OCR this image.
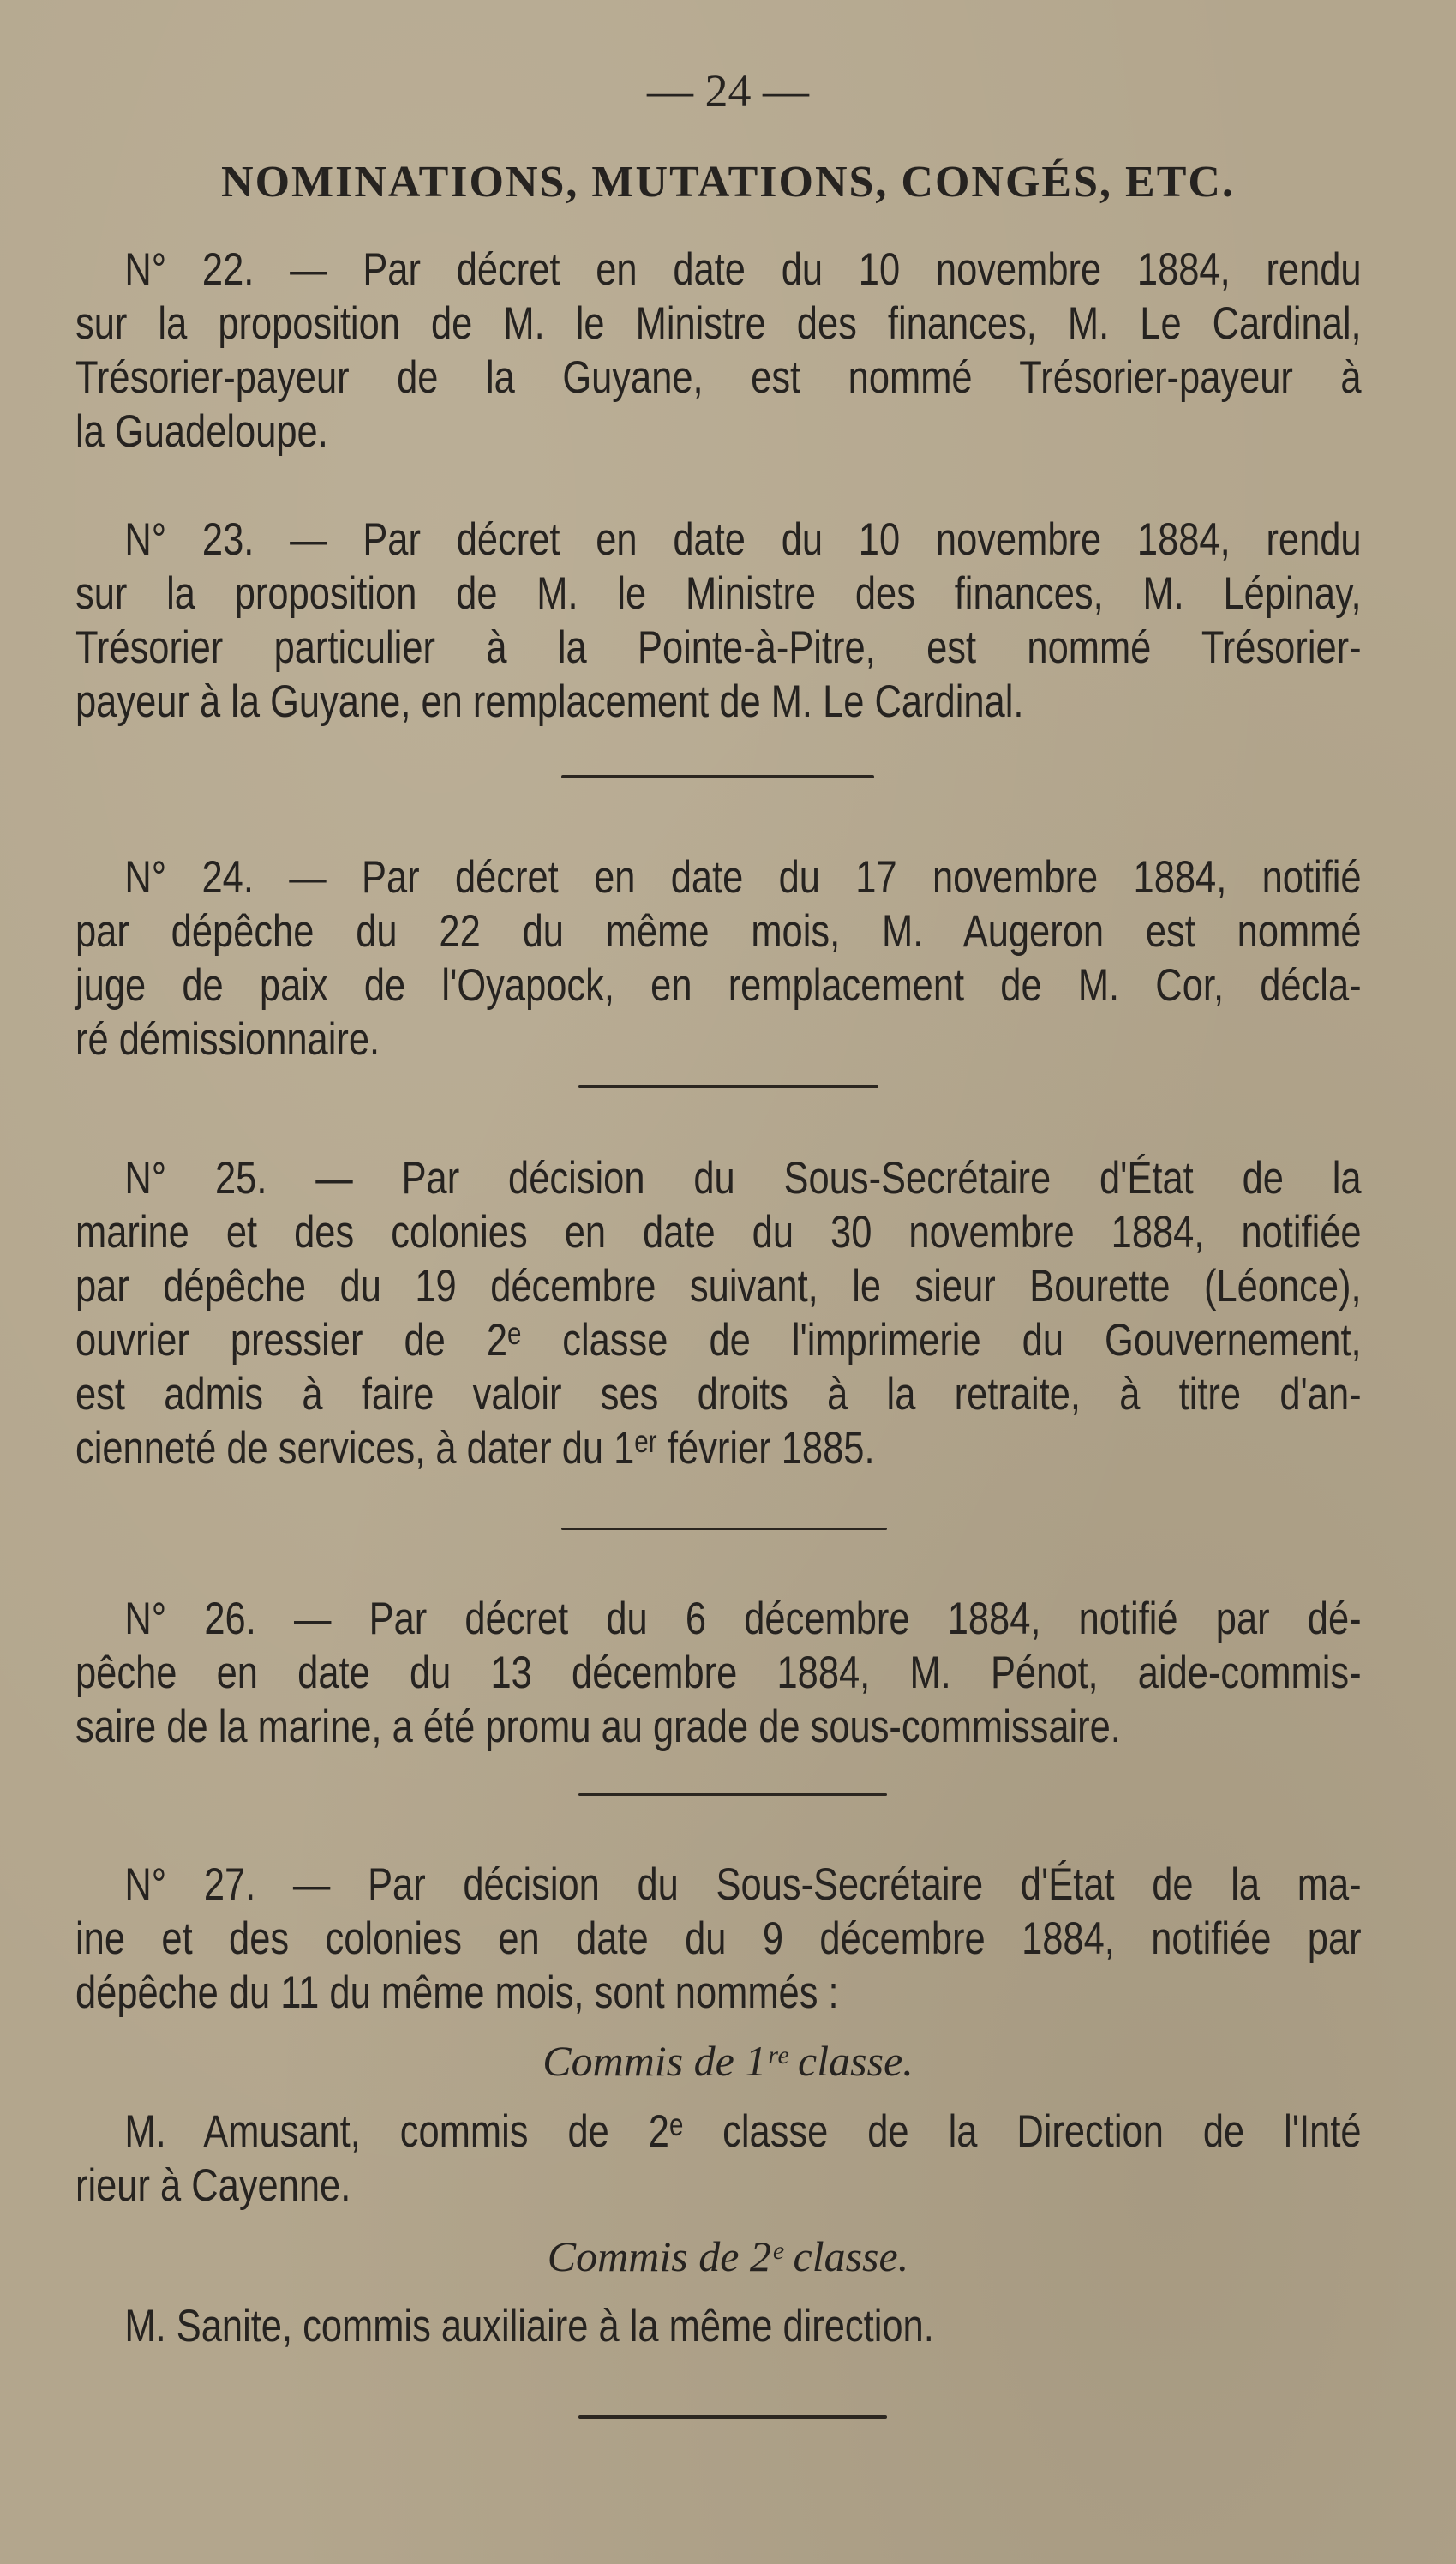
— 24 —
NOMINATIONS, MUTATIONS, CONGÉS, ETC.
N° 22. — Par décret en date du 10 novembre 1884, rendu
sur la proposition de M. le Ministre des finances, M. Le Cardinal,
Trésorier-payeur de la Guyane, est nommé Trésorier-payeur à
la Guadeloupe.
N° 23. — Par décret en date du 10 novembre 1884, rendu
sur la proposition de M. le Ministre des finances, M. Lépinay,
Trésorier particulier à la Pointe-à-Pitre, est nommé Trésorier-
payeur à la Guyane, en remplacement de M. Le Cardinal.
N° 24. — Par décret en date du 17 novembre 1884, notifié
par dépêche du 22 du même mois, M. Augeron est nommé
juge de paix de l'Oyapock, en remplacement de M. Cor, décla-
ré démissionnaire.
N° 25. — Par décision du Sous-Secrétaire d'État de la
marine et des colonies en date du 30 novembre 1884, notifiée
par dépêche du 19 décembre suivant, le sieur Bourette (Léonce),
ouvrier pressier de 2ᵉ classe de l'imprimerie du Gouvernement,
est admis à faire valoir ses droits à la retraite, à titre d'an-
cienneté de services, à dater du 1ᵉʳ février 1885.
N° 26. — Par décret du 6 décembre 1884, notifié par dé-
pêche en date du 13 décembre 1884, M. Pénot, aide-commis-
saire de la marine, a été promu au grade de sous-commissaire.
N° 27. — Par décision du Sous-Secrétaire d'État de la ma-
ine et des colonies en date du 9 décembre 1884, notifiée par
dépêche du 11 du même mois, sont nommés :
Commis de 1ʳᵉ classe.
M. Amusant, commis de 2ᵉ classe de la Direction de l'Inté
rieur à Cayenne.
Commis de 2ᵉ classe.
M. Sanite, commis auxiliaire à la même direction.
